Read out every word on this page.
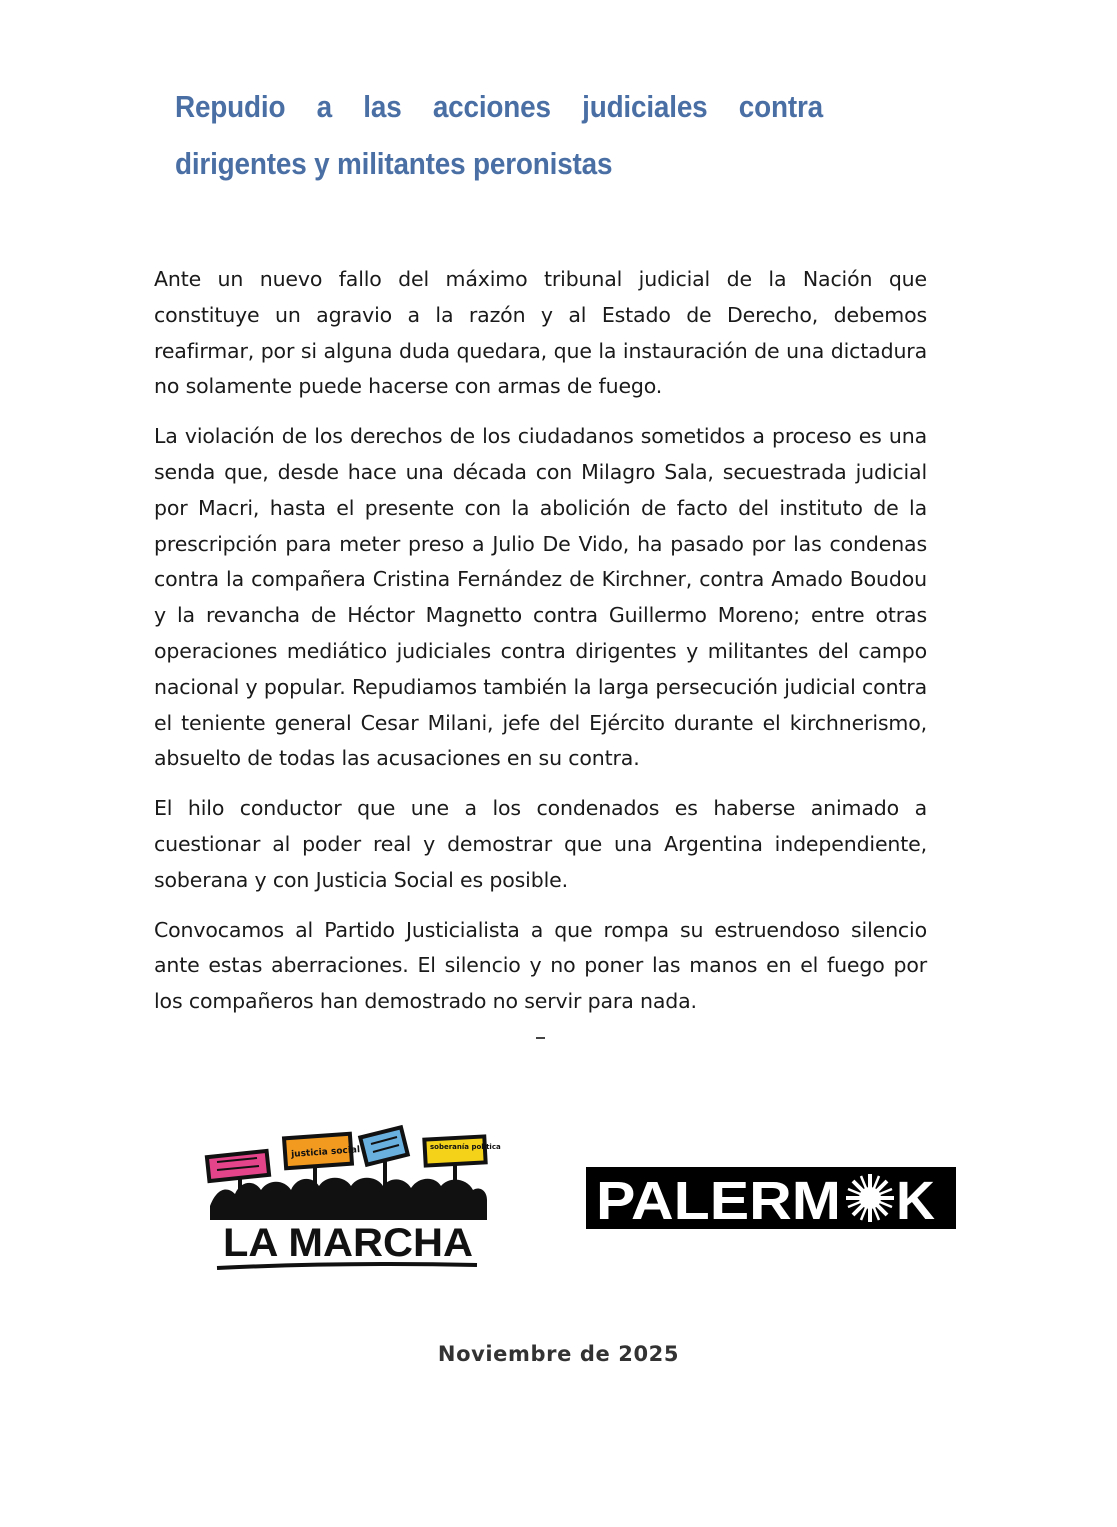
Repudio a las acciones judiciales contra dirigentes y militantes peronistas

Ante un nuevo fallo del máximo tribunal judicial de la Nación que constituye un agravio a la razón y al Estado de Derecho, debemos reafirmar, por si alguna duda quedara, que la instauración de una dictadura no solamente puede hacerse con armas de fuego.

La violación de los derechos de los ciudadanos sometidos a proceso es una senda que, desde hace una década con Milagro Sala, secuestrada judicial por Macri, hasta el presente con la abolición de facto del instituto de la prescripción para meter preso a Julio De Vido, ha pasado por las condenas contra la compañera Cristina Fernández de Kirchner, contra Amado Boudou y la revancha de Héctor Magnetto contra Guillermo Moreno; entre otras operaciones mediático judiciales contra dirigentes y militantes del campo nacional y popular. Repudiamos también la larga persecución judicial contra el teniente general Cesar Milani, jefe del Ejército durante el kirchnerismo, absuelto de todas las acusaciones en su contra.

El hilo conductor que une a los condenados es haberse animado a cuestionar al poder real y demostrar que una Argentina independiente, soberana y con Justicia Social es posible.

Convocamos al Partido Justicialista a que rompa su estruendoso silencio ante estas aberraciones. El silencio y no poner las manos en el fuego por los compañeros han demostrado no servir para nada.

justicia social	soberanía política
LA MARCHA
PALERM K
Noviembre de 2025
